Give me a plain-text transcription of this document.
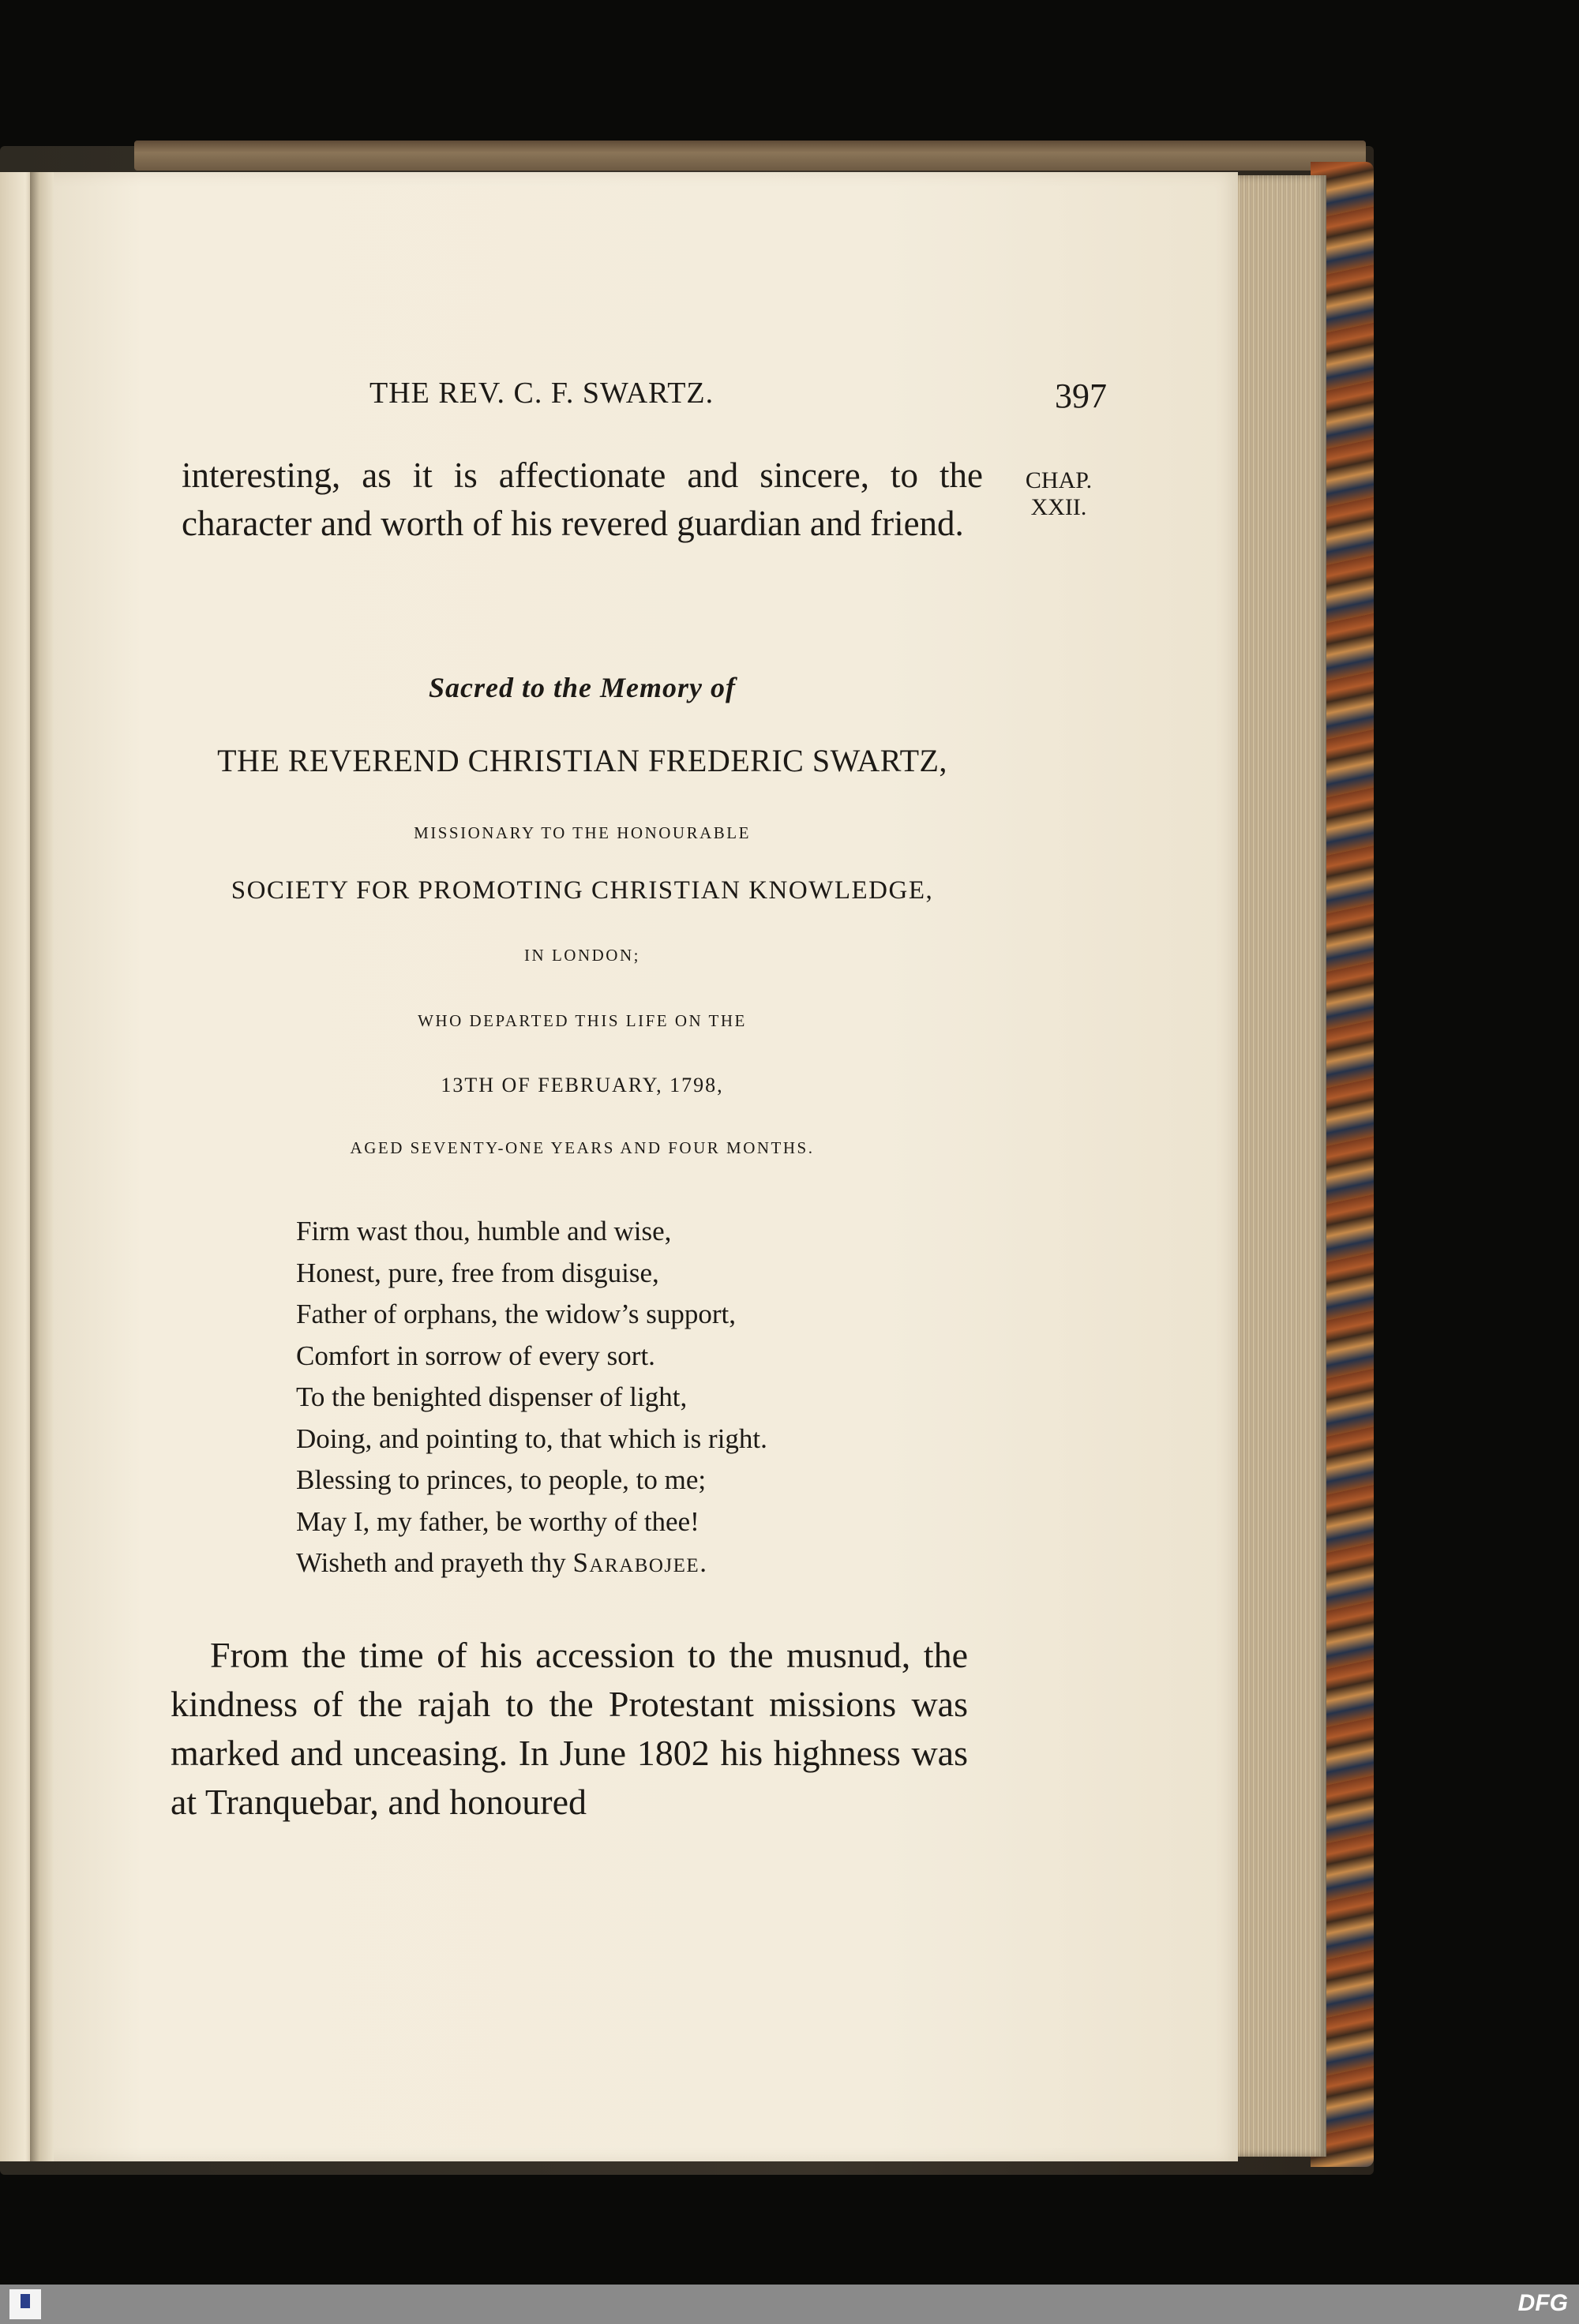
THE REV. C. F. SWARTZ.	397
CHAP.
XXII.

interesting, as it is affectionate and sincere, to the character and worth of his revered guardian and friend.

Sacred to the Memory of
THE REVEREND CHRISTIAN FREDERIC SWARTZ,
MISSIONARY TO THE HONOURABLE
SOCIETY FOR PROMOTING CHRISTIAN KNOWLEDGE,
IN LONDON;
WHO DEPARTED THIS LIFE ON THE
13TH OF FEBRUARY, 1798,
AGED SEVENTY-ONE YEARS AND FOUR MONTHS.
Firm wast thou, humble and wise,
Honest, pure, free from disguise,
Father of orphans, the widow’s support,
Comfort in sorrow of every sort.
To the benighted dispenser of light,
Doing, and pointing to, that which is right.
Blessing to princes, to people, to me;
May I, my father, be worthy of thee!
Wisheth and prayeth thy Sarabojee.

From the time of his accession to the musnud, the kindness of the rajah to the Protestant missions was marked and unceasing. In June 1802 his highness was at Tranquebar, and honoured

DFG
